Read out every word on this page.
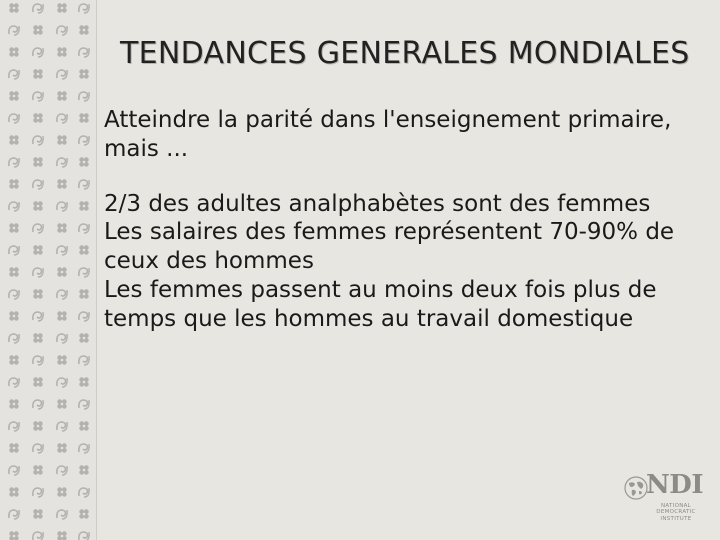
TENDANCES GENERALES MONDIALES

Atteindre la parité dans l'enseignement primaire, mais ...

2/3 des adultes analphabètes sont des femmes

Les salaires des femmes représentent 70-90% de ceux des hommes

Les femmes passent au moins deux fois plus de temps que les hommes au travail domestique

NDI
NATIONAL
DEMOCRATIC
INSTITUTE
